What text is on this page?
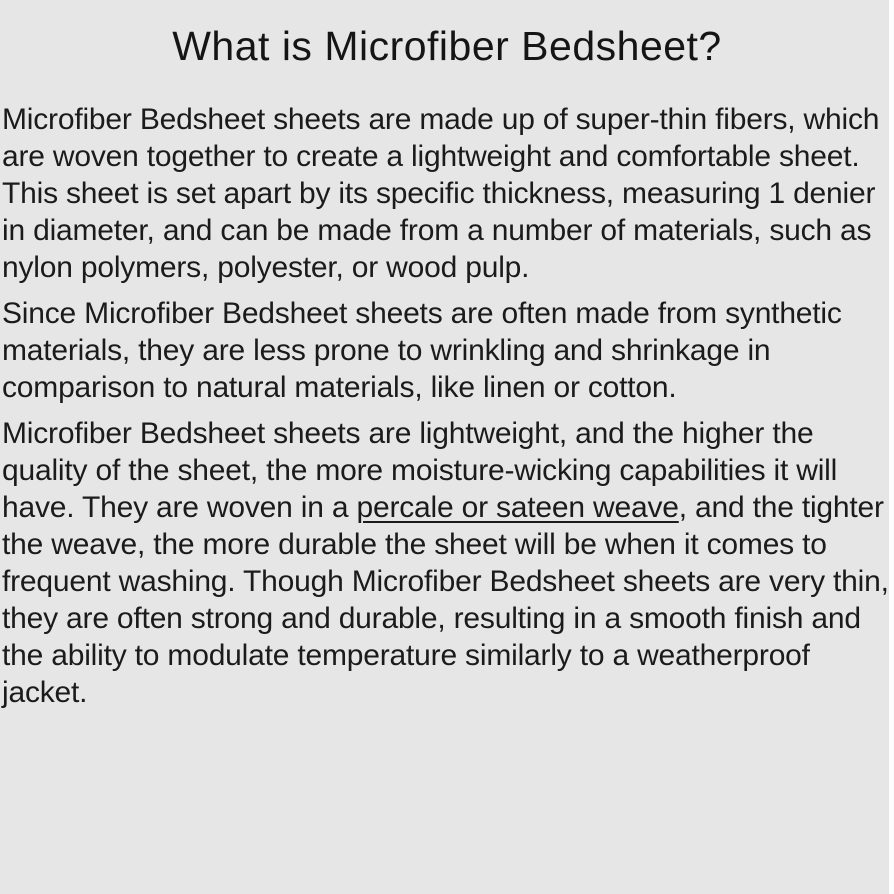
What is Microfiber Bedsheet?

Microfiber Bedsheet sheets are made up of super-thin fibers, which are woven together to create a lightweight and comfortable sheet. This sheet is set apart by its specific thickness, measuring 1 denier in diameter, and can be made from a number of materials, such as nylon polymers, polyester, or wood pulp.

Since Microfiber Bedsheet sheets are often made from synthetic materials, they are less prone to wrinkling and shrinkage in comparison to natural materials, like linen or cotton.

Microfiber Bedsheet sheets are lightweight, and the higher the quality of the sheet, the more moisture-wicking capabilities it will have. They are woven in a percale or sateen weave, and the tighter the weave, the more durable the sheet will be when it comes to frequent washing. Though Microfiber Bedsheet sheets are very thin, they are often strong and durable, resulting in a smooth finish and the ability to modulate temperature similarly to a weatherproof jacket.
